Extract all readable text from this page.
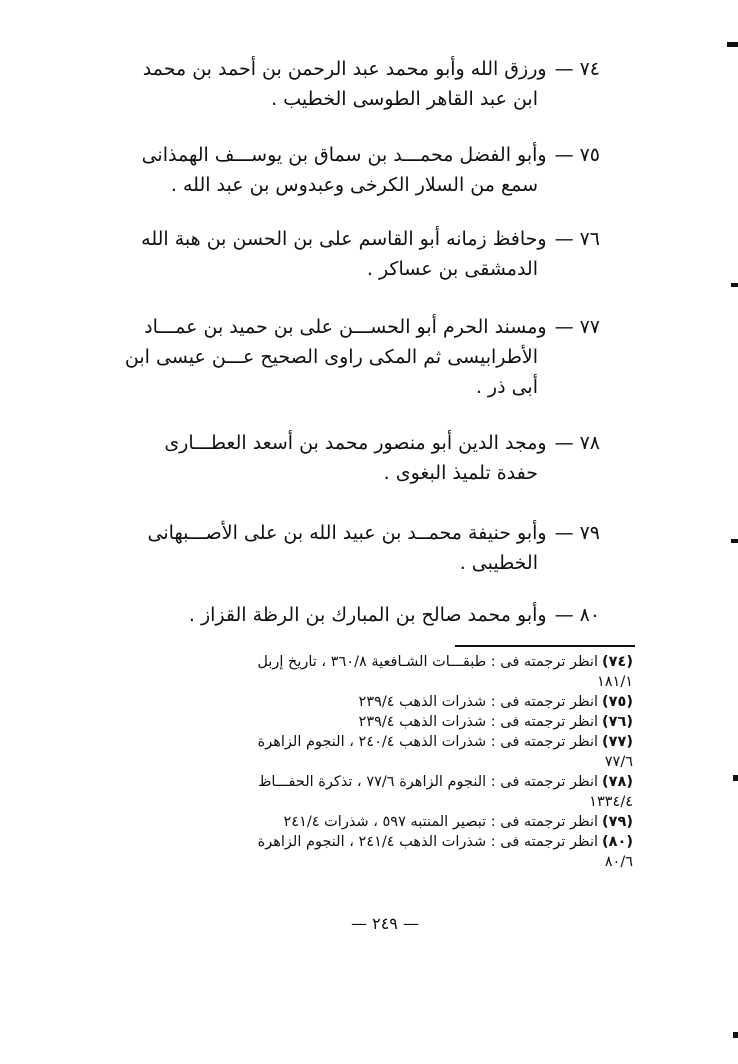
٧٤—ورزق الله وأبو محمد عبد الرحمن بن أحمد بن محمد
ابن عبد القاهر الطوسى الخطيب .
٧٥—وأبو الفضل محمـــد بن سماق بن يوســـف الهمذانى
سمع من السلار الكرخى وعبدوس بن عبد الله .
٧٦—وحافظ زمانه أبو القاسم على بن الحسن بن هبة الله
الدمشقى بن عساكر .
٧٧—ومسند الحرم أبو الحســـن على بن حميد بن عمـــاد
الأطرابيسى ثم المكى راوى الصحيح عـــن عيسى ابن
أبى ذر .
٧٨—ومجد الدين أبو منصور محمد بن أسعد العطـــارى
حفدة تلميذ البغوى .
٧٩—وأبو حنيفة محمــد بن عبيد الله بن على الأصـــبهانى
الخطيبى .
٨٠—وأبو محمد صالح بن المبارك بن الرظة القزاز .
(٧٤)انظر ترجمته فى : طبقـــات الشـافعية ٣٦٠/٨ ، تاريخ إربل
١٨١/١
(٧٥)انظر ترجمته فى : شذرات الذهب ٢٣٩/٤
(٧٦)انظر ترجمته فى : شذرات الذهب ٢٣٩/٤
(٧٧)انظر ترجمته فى : شذرات الذهب ٢٤٠/٤ ، النجوم الزاهرة
٧٧/٦
(٧٨)انظر ترجمته فى : النجوم الزاهرة ٧٧/٦ ، تذكرة الحفـــاظ
١٣٣٤/٤
(٧٩)انظر ترجمته فى : تبصير المنتبه ٥٩٧ ، شذرات ٢٤١/٤
(٨٠)انظر ترجمته فى : شذرات الذهب ٢٤١/٤ ، النجوم الزاهرة
٨٠/٦
— ٢٤٩ —
